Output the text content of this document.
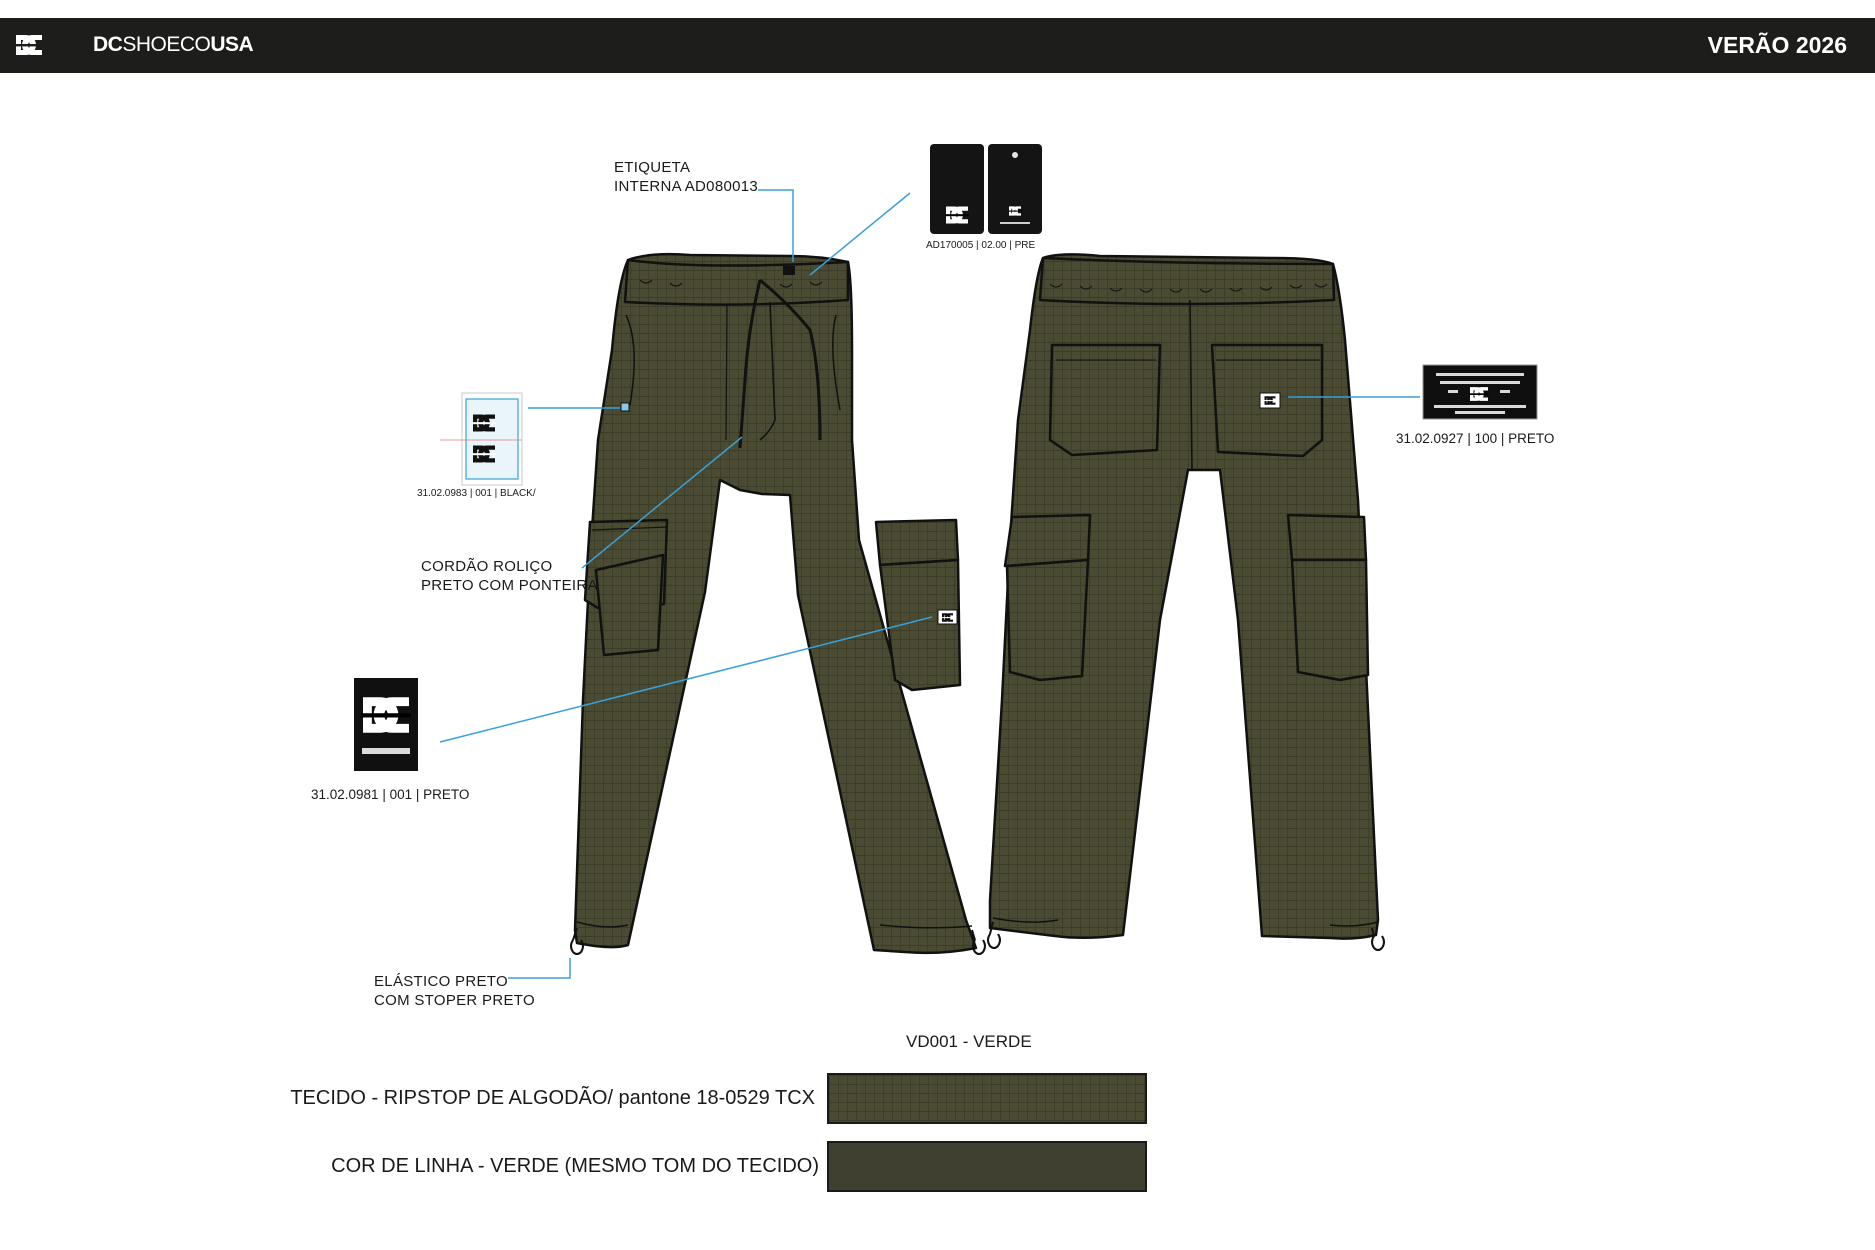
DCSHOECOUSA	VERÃO 2026
ETIQUETA
INTERNA AD080013
CORDÃO ROLIÇO
PRETO COM PONTEIRA
ELÁSTICO PRETO
COM STOPER PRETO
AD170005 | 02.00 | PRE
31.02.0927 | 100 | PRETO
31.02.0983 | 001 | BLACK/
31.02.0981 | 001 | PRETO
VD001 - VERDE
TECIDO - RIPSTOP DE ALGODÃO/ pantone 18-0529 TCX
COR DE LINHA - VERDE (MESMO TOM DO TECIDO)
